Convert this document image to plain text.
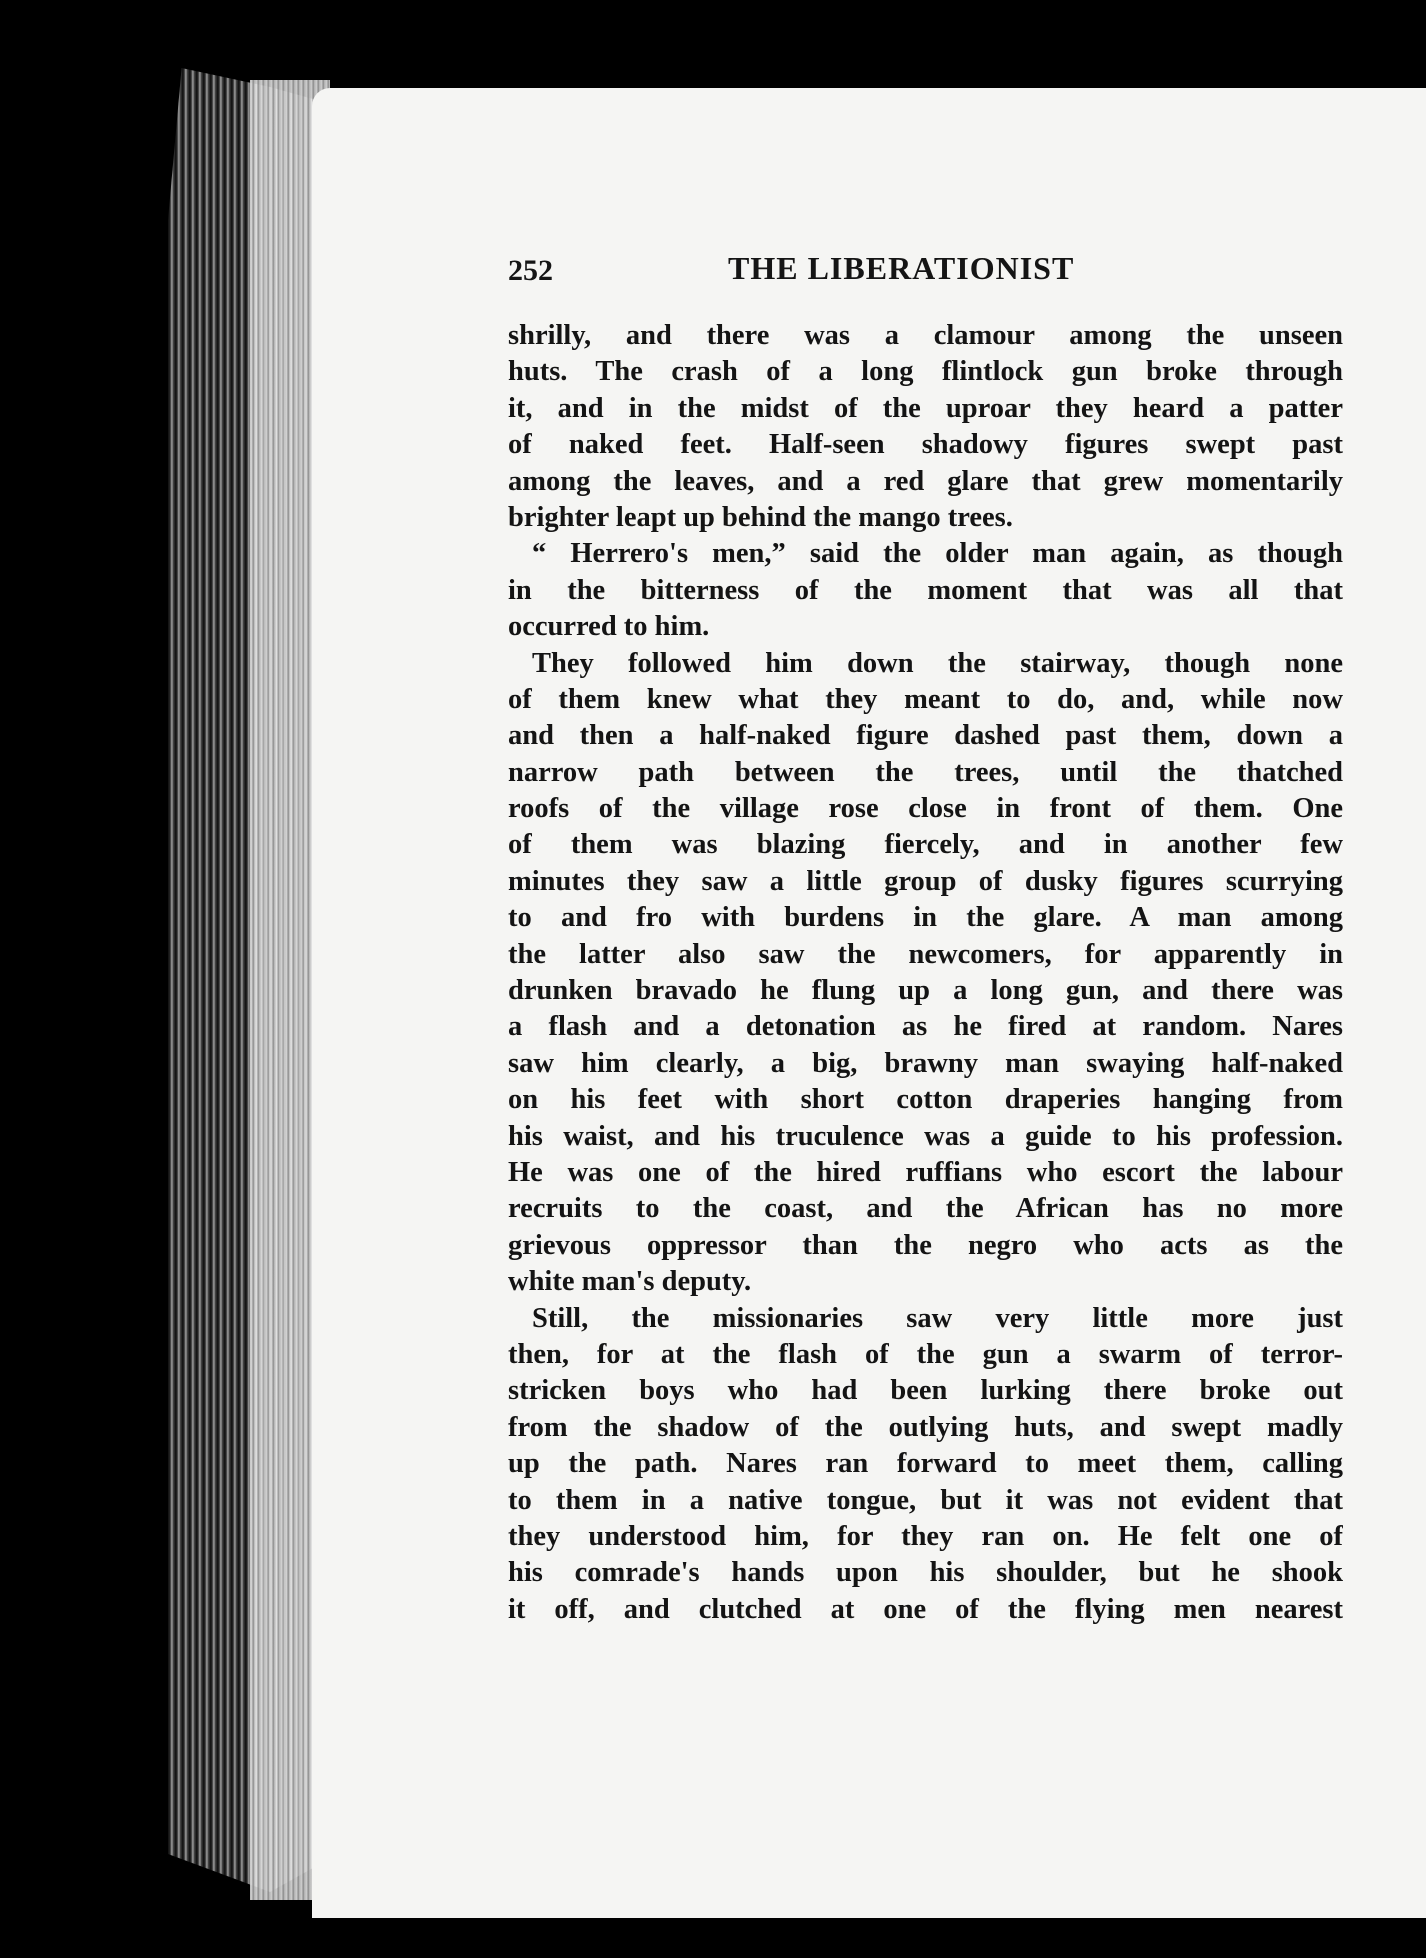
252	THE LIBERATIONIST
shrilly, and there was a clamour among the unseen
huts. The crash of a long flintlock gun broke through
it, and in the midst of the uproar they heard a patter
of naked feet. Half-seen shadowy figures swept past
among the leaves, and a red glare that grew momentarily
brighter leapt up behind the mango trees.
“ Herrero's men,” said the older man again, as though
in the bitterness of the moment that was all that
occurred to him.
They followed him down the stairway, though none
of them knew what they meant to do, and, while now
and then a half-naked figure dashed past them, down a
narrow path between the trees, until the thatched
roofs of the village rose close in front of them. One
of them was blazing fiercely, and in another few
minutes they saw a little group of dusky figures scurrying
to and fro with burdens in the glare. A man among
the latter also saw the newcomers, for apparently in
drunken bravado he flung up a long gun, and there was
a flash and a detonation as he fired at random. Nares
saw him clearly, a big, brawny man swaying half-naked
on his feet with short cotton draperies hanging from
his waist, and his truculence was a guide to his profession.
He was one of the hired ruffians who escort the labour
recruits to the coast, and the African has no more
grievous oppressor than the negro who acts as the
white man's deputy.
Still, the missionaries saw very little more just
then, for at the flash of the gun a swarm of terror-
stricken boys who had been lurking there broke out
from the shadow of the outlying huts, and swept madly
up the path. Nares ran forward to meet them, calling
to them in a native tongue, but it was not evident that
they understood him, for they ran on. He felt one of
his comrade's hands upon his shoulder, but he shook
it off, and clutched at one of the flying men nearest
